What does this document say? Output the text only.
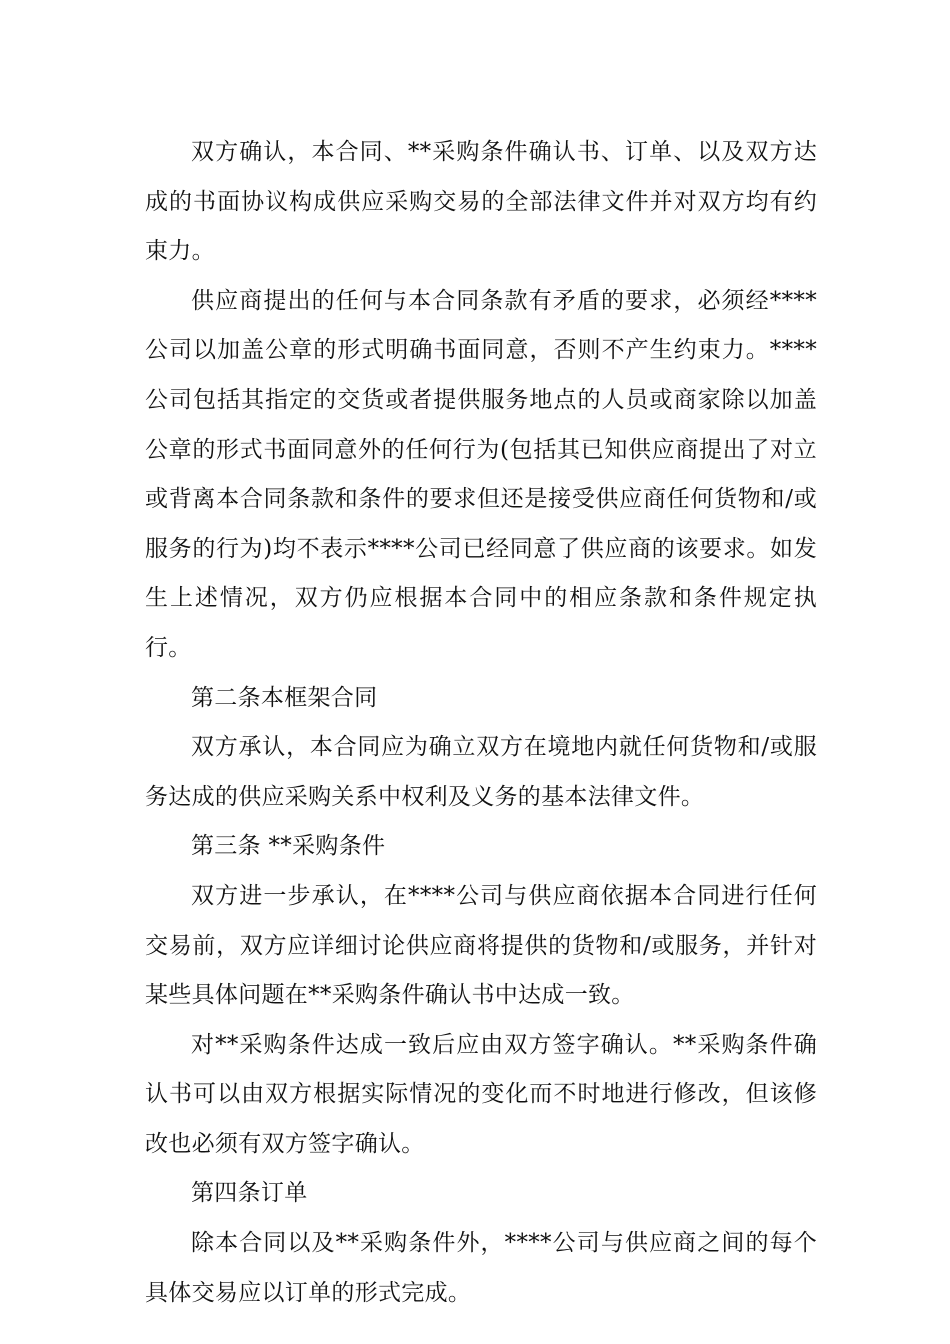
双方确认，本合同、**采购条件确认书、订单、以及双方达成的书面协议构成供应采购交易的全部法律文件并对双方均有约束力。

供应商提出的任何与本合同条款有矛盾的要求，必须经****公司以加盖公章的形式明确书面同意，否则不产生约束力。****公司包括其指定的交货或者提供服务地点的人员或商家除以加盖公章的形式书面同意外的任何行为(包括其已知供应商提出了对立或背离本合同条款和条件的要求但还是接受供应商任何货物和/或服务的行为)均不表示****公司已经同意了供应商的该要求。如发生上述情况，双方仍应根据本合同中的相应条款和条件规定执行。

第二条本框架合同

双方承认，本合同应为确立双方在境地内就任何货物和/或服务达成的供应采购关系中权利及义务的基本法律文件。

第三条 **采购条件

双方进一步承认，在****公司与供应商依据本合同进行任何交易前，双方应详细讨论供应商将提供的货物和/或服务，并针对某些具体问题在**采购条件确认书中达成一致。

对**采购条件达成一致后应由双方签字确认。**采购条件确认书可以由双方根据实际情况的变化而不时地进行修改，但该修改也必须有双方签字确认。

第四条订单

除本合同以及**采购条件外，****公司与供应商之间的每个具体交易应以订单的形式完成。
